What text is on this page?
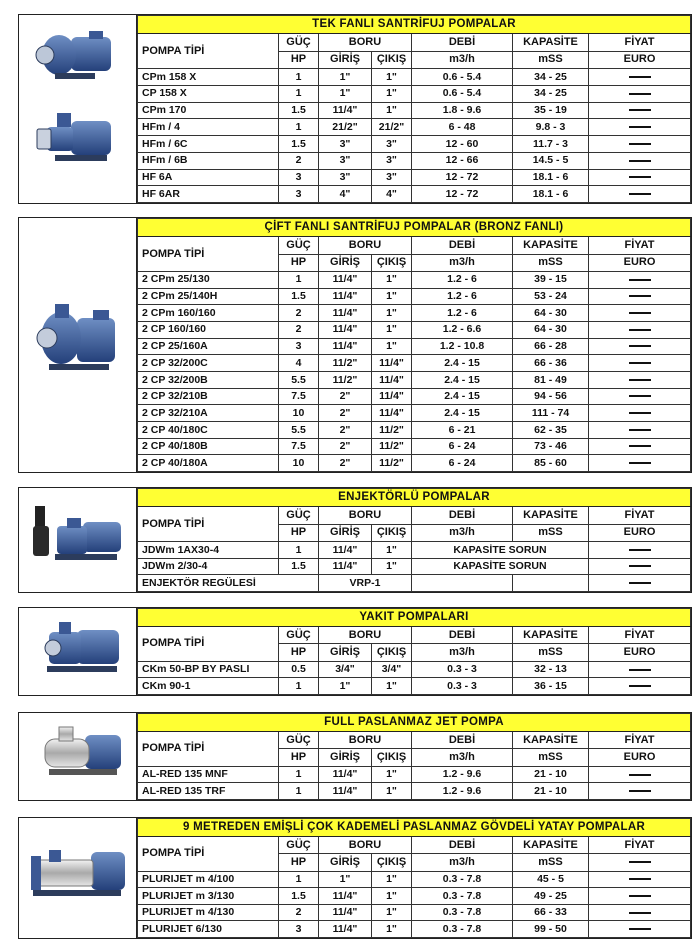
TEK FANLI SANTRİFUJ POMPALAR						
POMPA TİPİ	GÜÇ	BORU		DEBİ	KAPASİTE	FİYAT
	HP	GİRİŞ	ÇIKIŞ	m3/h	mSS	EURO
CPm 158 X	1	1"	1"	0.6 - 5.4	34 - 25	
CP 158 X	1	1"	1"	0.6 - 5.4	34 - 25	
CPm 170	1.5	11/4"	1"	1.8 - 9.6	35 - 19	
HFm / 4	1	21/2"	21/2"	6 - 48	9.8 - 3	
HFm / 6C	1.5	3"	3"	12 - 60	11.7 - 3	
HFm / 6B	2	3"	3"	12 - 66	14.5 - 5	
HF 6A	3	3"	3"	12 - 72	18.1 - 6	
HF 6AR	3	4"	4"	12 - 72	18.1 - 6	
ÇİFT FANLI SANTRİFUJ POMPALAR (BRONZ FANLI)						
POMPA TİPİ	GÜÇ	BORU		DEBİ	KAPASİTE	FİYAT
	HP	GİRİŞ	ÇIKIŞ	m3/h	mSS	EURO
2 CPm 25/130	1	11/4"	1"	1.2 - 6	39 - 15	
2 CPm 25/140H	1.5	11/4"	1"	1.2 - 6	53 - 24	
2 CPm 160/160	2	11/4"	1"	1.2 - 6	64 - 30	
2 CP 160/160	2	11/4"	1"	1.2 - 6.6	64 - 30	
2 CP 25/160A	3	11/4"	1"	1.2 - 10.8	66 - 28	
2 CP 32/200C	4	11/2"	11/4"	2.4 - 15	66 - 36	
2 CP 32/200B	5.5	11/2"	11/4"	2.4 - 15	81 - 49	
2 CP 32/210B	7.5	2"	11/4"	2.4 - 15	94 - 56	
2 CP 32/210A	10	2"	11/4"	2.4 - 15	111 - 74	
2 CP 40/180C	5.5	2"	11/2"	6 - 21	62 - 35	
2 CP 40/180B	7.5	2"	11/2"	6 - 24	73 - 46	
2 CP 40/180A	10	2"	11/2"	6 - 24	85 - 60	
ENJEKTÖRLÜ POMPALAR						
POMPA TİPİ	GÜÇ	BORU		DEBİ	KAPASİTE	FİYAT
	HP	GİRİŞ	ÇIKIŞ	m3/h	mSS	EURO
JDWm 1AX30-4	1	11/4"	1"	KAPASİTE SORUN		
JDWm 2/30-4	1.5	11/4"	1"	KAPASİTE SORUN		
ENJEKTÖR REGÜLESİ		VRP-1				
YAKIT POMPALARI						
POMPA TİPİ	GÜÇ	BORU		DEBİ	KAPASİTE	FİYAT
	HP	GİRİŞ	ÇIKIŞ	m3/h	mSS	EURO
CKm 50-BP BY PASLI	0.5	3/4"	3/4"	0.3 - 3	32 - 13	
CKm 90-1	1	1"	1"	0.3 - 3	36 - 15	
FULL PASLANMAZ JET POMPA						
POMPA TİPİ	GÜÇ	BORU		DEBİ	KAPASİTE	FİYAT
	HP	GİRİŞ	ÇIKIŞ	m3/h	mSS	EURO
AL-RED 135 MNF	1	11/4"	1"	1.2 - 9.6	21 - 10	
AL-RED 135 TRF	1	11/4"	1"	1.2 - 9.6	21 - 10	
9 METREDEN EMİŞLİ ÇOK KADEMELİ PASLANMAZ GÖVDELİ YATAY POMPALAR						
POMPA TİPİ	GÜÇ	BORU		DEBİ	KAPASİTE	FİYAT
	HP	GİRİŞ	ÇIKIŞ	m3/h	mSS	
PLURIJET m 4/100	1	1"	1"	0.3 - 7.8	45 - 5	
PLURIJET m 3/130	1.5	11/4"	1"	0.3 - 7.8	49 - 25	
PLURIJET m 4/130	2	11/4"	1"	0.3 - 7.8	66 - 33	
PLURIJET 6/130	3	11/4"	1"	0.3 - 7.8	99 - 50	
